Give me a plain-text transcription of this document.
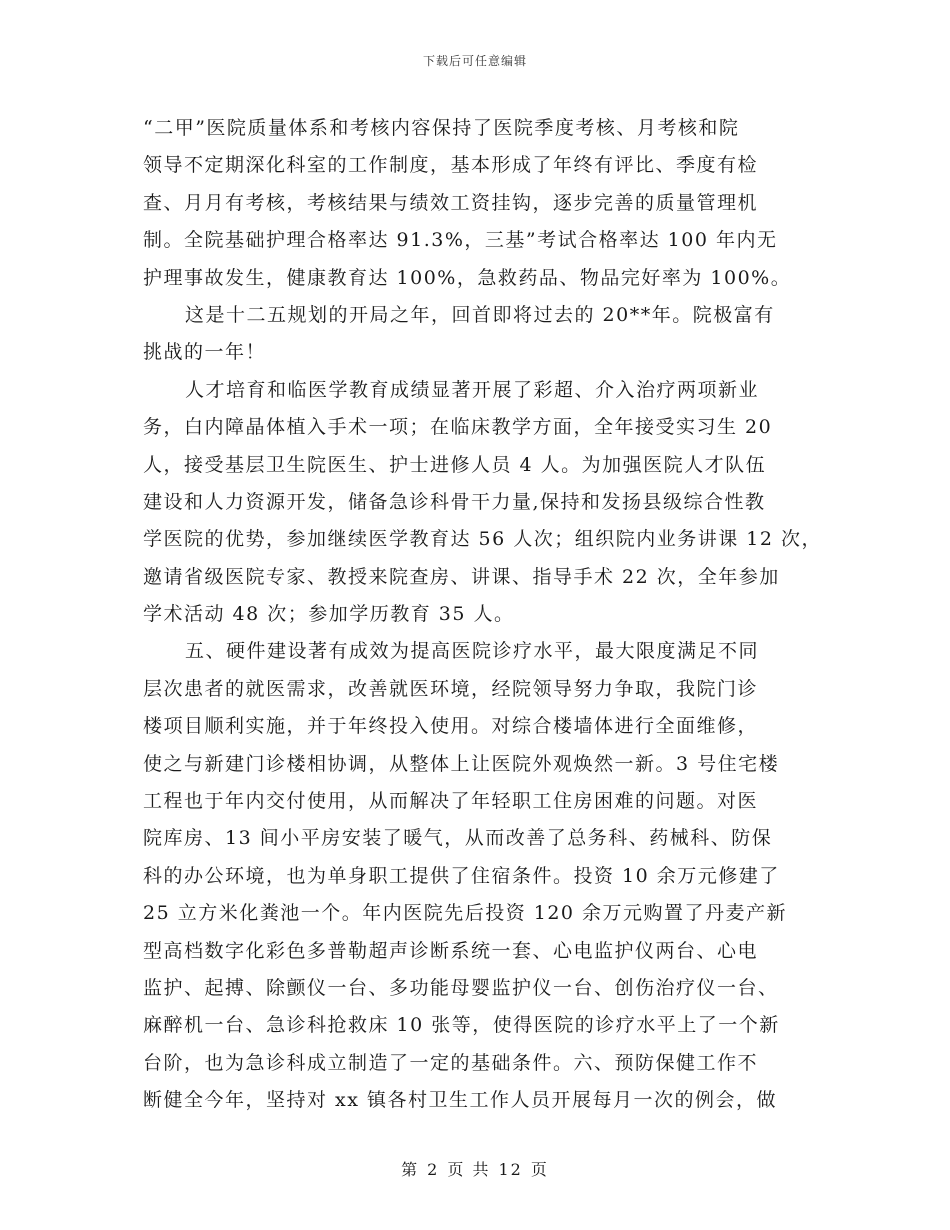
下载后可任意编辑
“二甲”医院质量体系和考核内容保持了医院季度考核、月考核和院
领导不定期深化科室的工作制度，基本形成了年终有评比、季度有检
查、月月有考核，考核结果与绩效工资挂钩，逐步完善的质量管理机
制。全院基础护理合格率达 91.3%，三基”考试合格率达 100 年内无
护理事故发生，健康教育达 100%，急救药品、物品完好率为 100%。
这是十二五规划的开局之年，回首即将过去的 20**年。院极富有
挑战的一年！
人才培育和临医学教育成绩显著开展了彩超、介入治疗两项新业
务，白内障晶体植入手术一项；在临床教学方面，全年接受实习生 20
人，接受基层卫生院医生、护士进修人员 4 人。为加强医院人才队伍
建设和人力资源开发，储备急诊科骨干力量,保持和发扬县级综合性教
学医院的优势，参加继续医学教育达 56 人次；组织院内业务讲课 12 次，
邀请省级医院专家、教授来院查房、讲课、指导手术 22 次，全年参加
学术活动 48 次；参加学历教育 35 人。
五、硬件建设著有成效为提高医院诊疗水平，最大限度满足不同
层次患者的就医需求，改善就医环境，经院领导努力争取，我院门诊
楼项目顺利实施，并于年终投入使用。对综合楼墙体进行全面维修，
使之与新建门诊楼相协调，从整体上让医院外观焕然一新。3 号住宅楼
工程也于年内交付使用，从而解决了年轻职工住房困难的问题。对医
院库房、13 间小平房安装了暖气，从而改善了总务科、药械科、防保
科的办公环境，也为单身职工提供了住宿条件。投资 10 余万元修建了
25 立方米化粪池一个。年内医院先后投资 120 余万元购置了丹麦产新
型高档数字化彩色多普勒超声诊断系统一套、心电监护仪两台、心电
监护、起搏、除颤仪一台、多功能母婴监护仪一台、创伤治疗仪一台、
麻醉机一台、急诊科抢救床 10 张等，使得医院的诊疗水平上了一个新
台阶，也为急诊科成立制造了一定的基础条件。六、预防保健工作不
断健全今年，坚持对 xx 镇各村卫生工作人员开展每月一次的例会，做
第 2 页 共 12 页
